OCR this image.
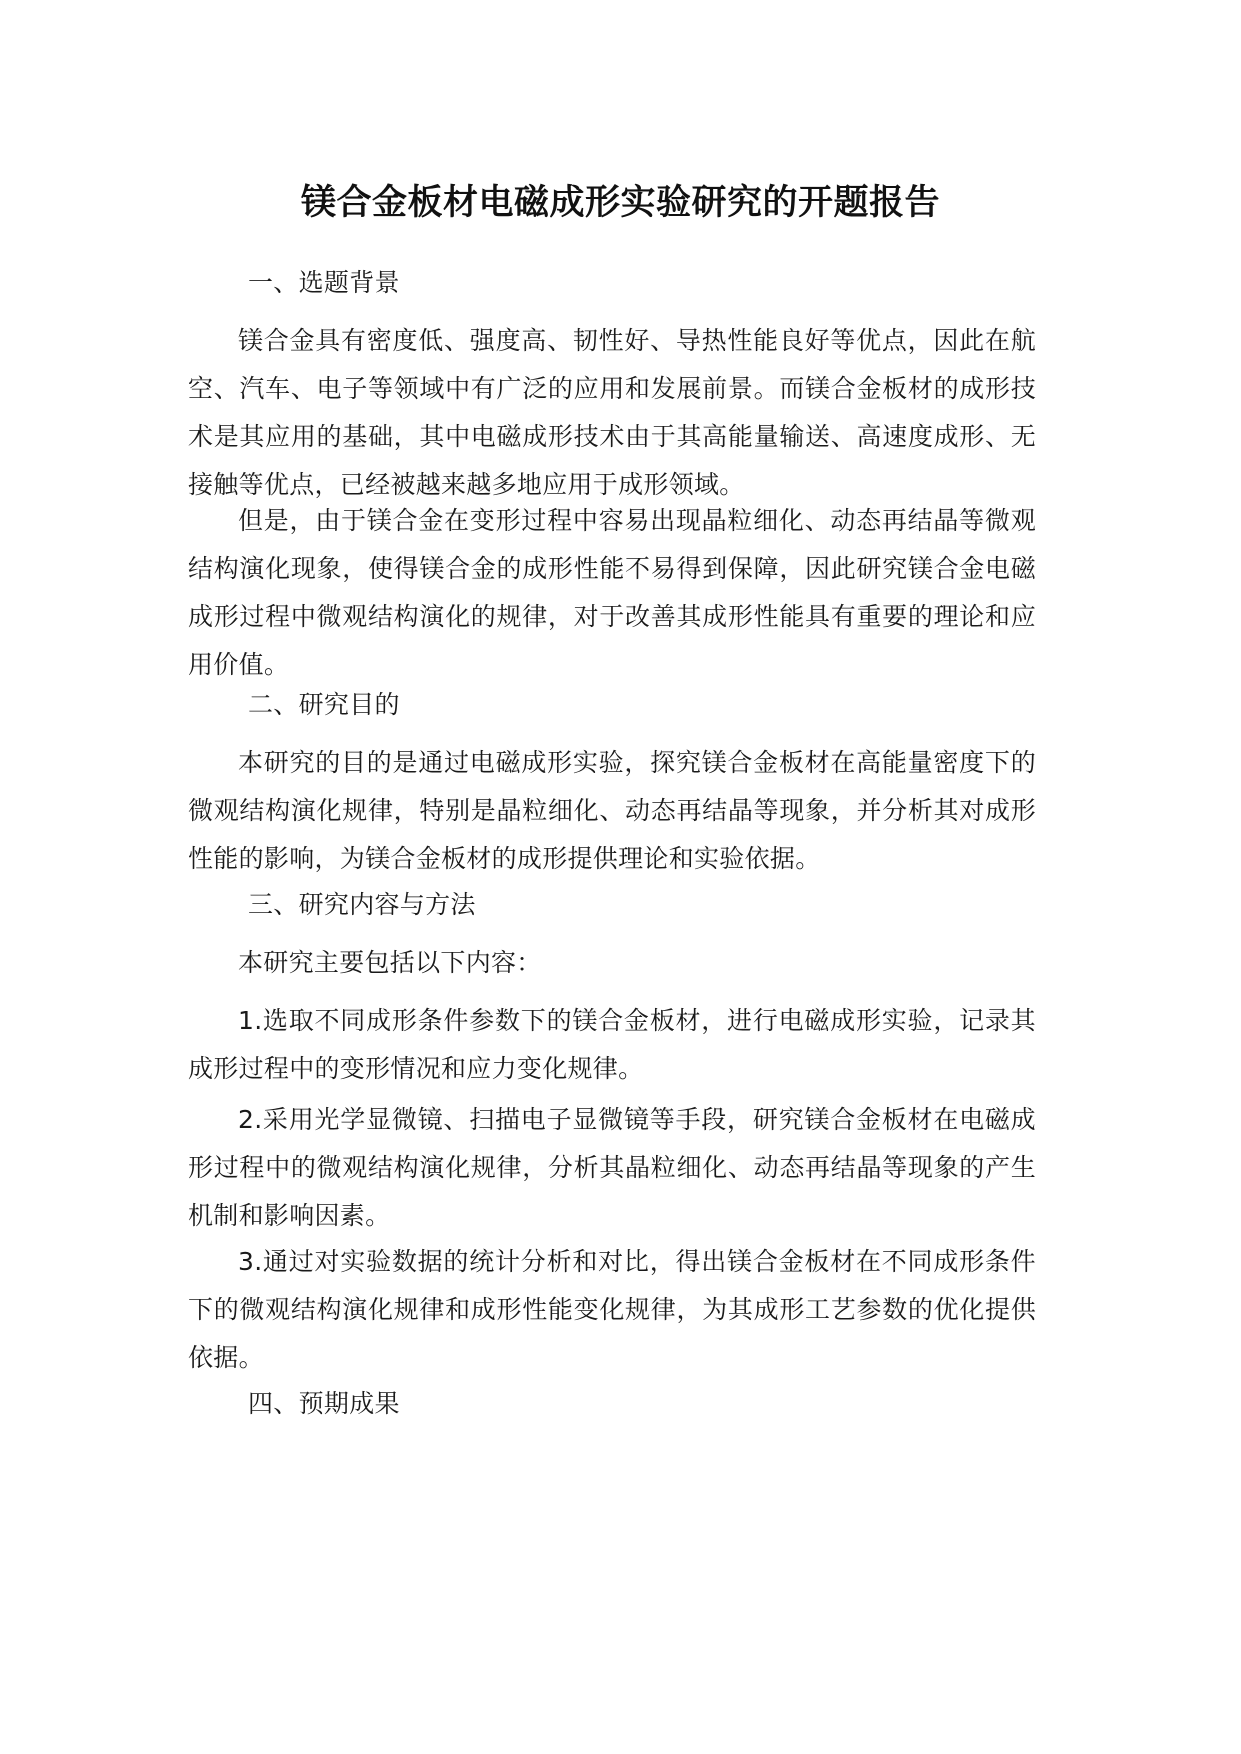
镁合金板材电磁成形实验研究的开题报告

一、选题背景

镁合金具有密度低、强度高、韧性好、导热性能良好等优点，因此在航空、汽车、电子等领域中有广泛的应用和发展前景。而镁合金板材的成形技术是其应用的基础，其中电磁成形技术由于其高能量输送、高速度成形、无接触等优点，已经被越来越多地应用于成形领域。

但是，由于镁合金在变形过程中容易出现晶粒细化、动态再结晶等微观结构演化现象，使得镁合金的成形性能不易得到保障，因此研究镁合金电磁成形过程中微观结构演化的规律，对于改善其成形性能具有重要的理论和应用价值。

二、研究目的

本研究的目的是通过电磁成形实验，探究镁合金板材在高能量密度下的微观结构演化规律，特别是晶粒细化、动态再结晶等现象，并分析其对成形性能的影响，为镁合金板材的成形提供理论和实验依据。

三、研究内容与方法

本研究主要包括以下内容：

1.选取不同成形条件参数下的镁合金板材，进行电磁成形实验，记录其成形过程中的变形情况和应力变化规律。

2.采用光学显微镜、扫描电子显微镜等手段，研究镁合金板材在电磁成形过程中的微观结构演化规律，分析其晶粒细化、动态再结晶等现象的产生机制和影响因素。

3.通过对实验数据的统计分析和对比，得出镁合金板材在不同成形条件下的微观结构演化规律和成形性能变化规律，为其成形工艺参数的优化提供依据。

四、预期成果
